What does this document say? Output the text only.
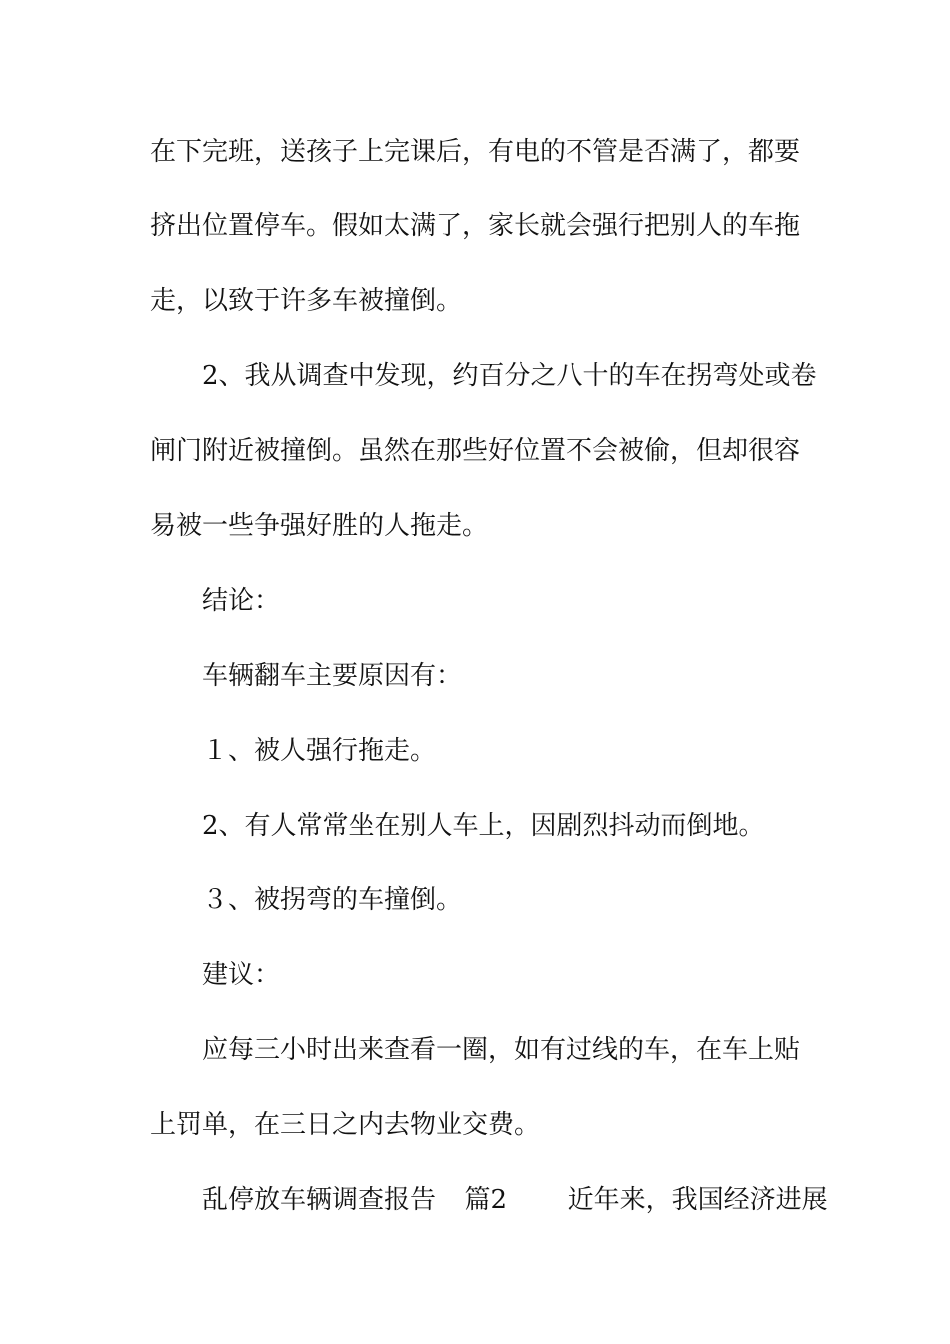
在下完班，送孩子上完课后，有电的不管是否满了，都要
挤出位置停车。假如太满了，家长就会强行把别人的车拖
走，以致于许多车被撞倒。
2、我从调查中发现，约百分之八十的车在拐弯处或卷
闸门附近被撞倒。虽然在那些好位置不会被偷，但却很容
易被一些争强好胜的人拖走。
结论：
车辆翻车主要原因有：
１、被人强行拖走。
2、有人常常坐在别人车上，因剧烈抖动而倒地。
３、被拐弯的车撞倒。
建议：
应每三小时出来查看一圈，如有过线的车，在车上贴
上罚单，在三日之内去物业交费。
乱停放车辆调查报告 篇2 近年来，我国经济进展
